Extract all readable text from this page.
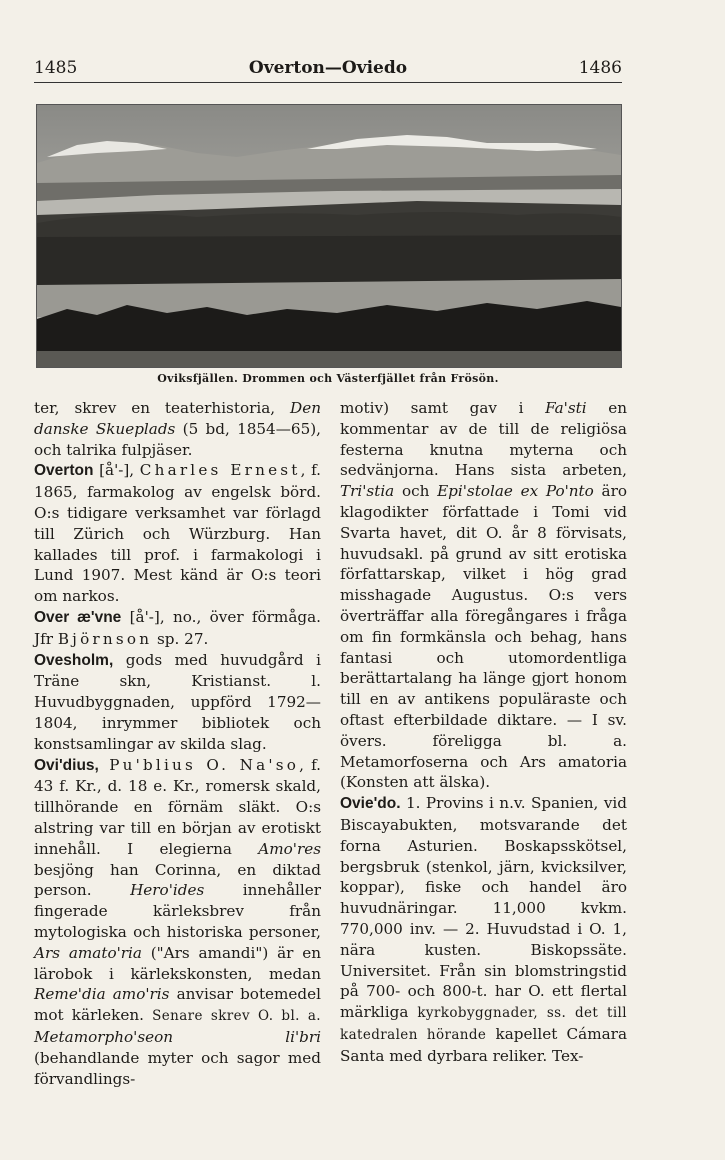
1485	Overton—Oviedo	1486
Oviksfjällen. Drommen och Västerfjället från Frösön.

ter, skrev en teaterhistoria, Den danske Skueplads (5 bd, 1854—65), och talrika fulpjäser.

Overton [å'-], Charles Ernest, f. 1865, farmakolog av engelsk börd. O:s tidigare verksamhet var förlagd till Zürich och Würzburg. Han kallades till prof. i farmakologi i Lund 1907. Mest känd är O:s teori om narkos.

Over æ'vne [å'-], no., över förmåga. Jfr Björnson sp. 27.

Ovesholm, gods med huvudgård i Träne skn, Kristianst. l. Huvudbyggnaden, uppförd 1792—1804, inrymmer bibliotek och konstsamlingar av skilda slag.

Ovi'dius, Pu'blius O. Na'so, f. 43 f. Kr., d. 18 e. Kr., romersk skald, tillhörande en förnäm släkt. O:s alstring var till en början av erotiskt innehåll. I elegierna Amo'res besjöng han Corinna, en diktad person. Hero'ides innehåller fingerade kärleksbrev från mytologiska och historiska personer, Ars amato'ria ("Ars amandi") är en lärobok i kärlekskonsten, medan Reme'dia amo'ris anvisar botemedel mot kärleken. Senare skrev O. bl. a. Metamorpho'seon li'bri (behandlande myter och sagor med förvandlings-

motiv) samt gav i Fa'sti en kommentar av de till de religiösa festerna knutna myterna och sedvänjorna. Hans sista arbeten, Tri'stia och Epi'stolae ex Po'nto äro klagodikter författade i Tomi vid Svarta havet, dit O. år 8 förvisats, huvudsakl. på grund av sitt erotiska författarskap, vilket i hög grad misshagade Augustus. O:s vers överträffar alla föregångares i fråga om fin formkänsla och behag, hans fantasi och utomordentliga berättartalang ha länge gjort honom till en av antikens populäraste och oftast efterbildade diktare. — I sv. övers. föreligga bl. a. Metamorfoserna och Ars amatoria (Konsten att älska).

Ovie'do. 1. Provins i n.v. Spanien, vid Biscayabukten, motsvarande det forna Asturien. Boskapsskötsel, bergsbruk (stenkol, järn, kvicksilver, koppar), fiske och handel äro huvudnäringar. 11,000 kvkm. 770,000 inv. — 2. Huvudstad i O. 1, nära kusten. Biskopssäte. Universitet. Från sin blomstringstid på 700- och 800-t. har O. ett flertal märkliga kyrkobyggnader, ss. det till katedralen hörande kapellet Cámara Santa med dyrbara reliker. Tex-
